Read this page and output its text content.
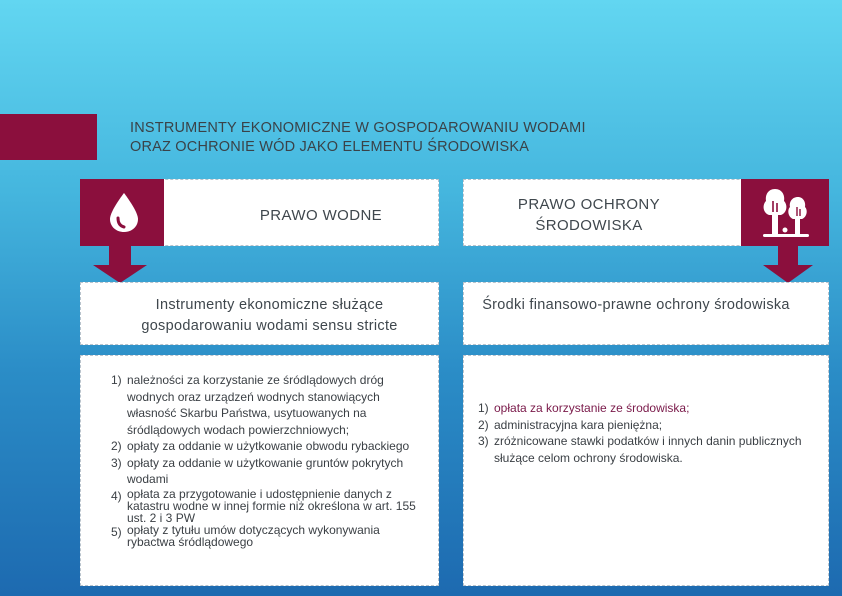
INSTRUMENTY EKONOMICZNE W GOSPODAROWANIU WODAMI
ORAZ OCHRONIE WÓD JAKO ELEMENTU ŚRODOWISKA
PRAWO WODNE
PRAWO OCHRONY ŚRODOWISKA
Instrumenty ekonomiczne służące gospodarowaniu wodami sensu stricte
Środki finansowo-prawne ochrony środowiska
1) należności za korzystanie ze śródlądowych dróg wodnych oraz urządzeń wodnych stanowiących własność Skarbu Państwa, usytuowanych na śródlądowych wodach powierzchniowych;
2) opłaty za oddanie w użytkowanie obwodu rybackiego
3) opłaty za oddanie w użytkowanie gruntów pokrytych wodami
4) opłata za przygotowanie i udostępnienie danych z katastru wodne w innej formie niż określona w art. 155 ust. 2 i 3 PW
5) opłaty z tytułu umów dotyczących wykonywania rybactwa śródlądowego
1) opłata za korzystanie ze środowiska;
2) administracyjna kara pieniężna;
3) zróżnicowane stawki podatków i innych danin publicznych służące celom ochrony środowiska.
